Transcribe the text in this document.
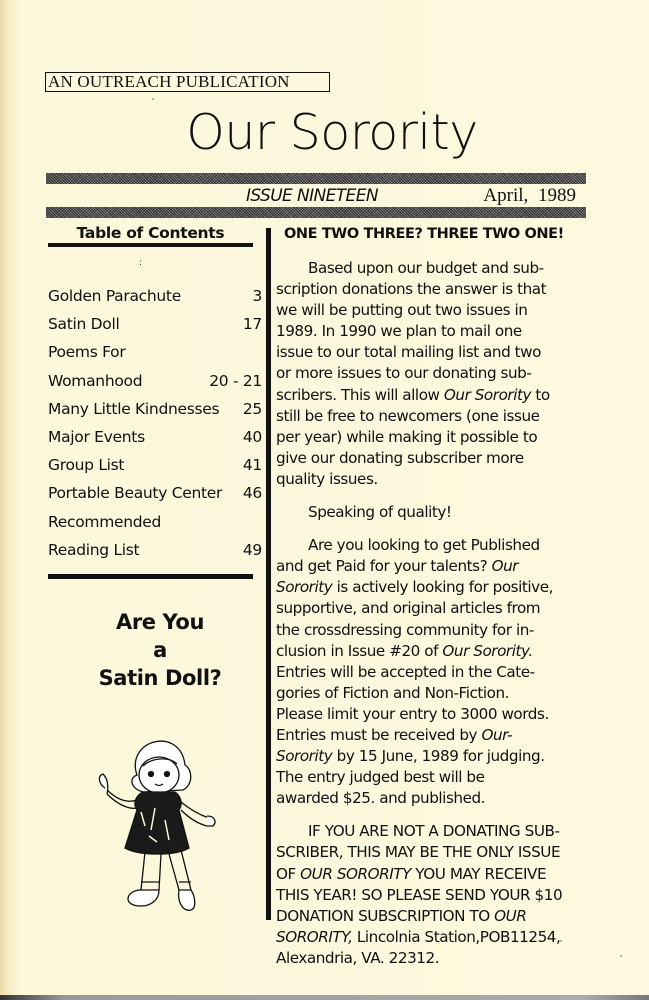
AN OUTREACH PUBLICATION
Our Sorority
ISSUE NINETEEN	April, 1989
Table of Contents
:
Golden Parachute	3
Satin Doll	17
Poems For
Womanhood	20 - 21
Many Little Kindnesses 25
Major Events	40
Group List	41
Portable Beauty Center 46
Recommended
Reading List	49
Are You
a
Satin Doll?
ONE TWO THREE? THREE TWO ONE!
Based upon our budget and sub-
scription donations the answer is that
we will be putting out two issues in
1989. In 1990 we plan to mail one
issue to our total mailing list and two
or more issues to our donating sub-
scribers. This will allow Our Sorority to
still be free to newcomers (one issue
per year) while making it possible to
give our donating subscriber more
quality issues.
Speaking of quality!
Are you looking to get Published
and get Paid for your talents? Our
Sorority is actively looking for positive,
supportive, and original articles from
the crossdressing community for in-
clusion in Issue #20 of Our Sorority.
Entries will be accepted in the Cate-
gories of Fiction and Non-Fiction.
Please limit your entry to 3000 words.
Entries must be received by Our-
Sorority by 15 June, 1989 for judging.
The entry judged best will be
awarded $25. and published.
IF YOU ARE NOT A DONATING SUB-
SCRIBER, THIS MAY BE THE ONLY ISSUE
OF OUR SORORITY YOU MAY RECEIVE
THIS YEAR! SO PLEASE SEND YOUR $10
DONATION SUBSCRIPTION TO OUR
SORORITY, Lincolnia Station,POB11254,
Alexandria, VA. 22312.
